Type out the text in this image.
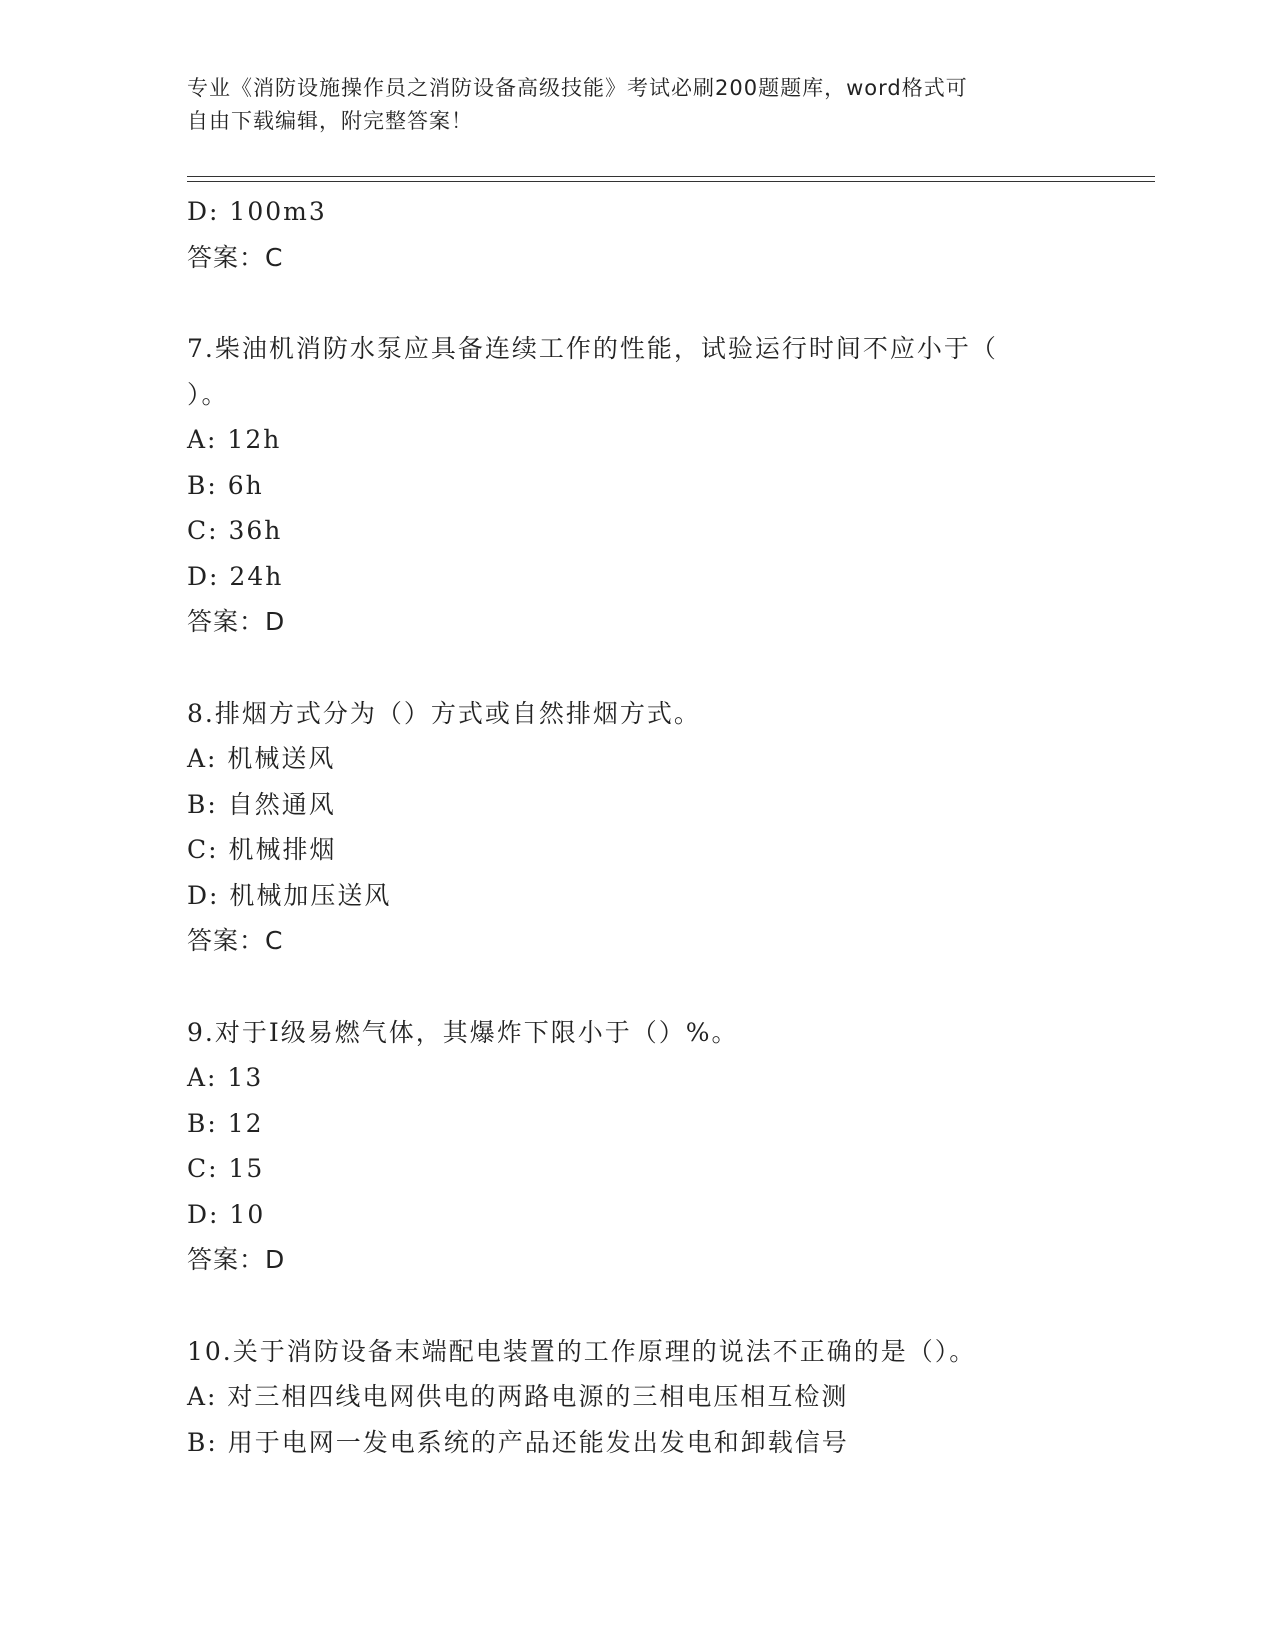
专业《消防设施操作员之消防设备高级技能》考试必刷200题题库，word格式可
自由下载编辑，附完整答案！
D: 100m3
答案：C
7.柴油机消防水泵应具备连续工作的性能，试验运行时间不应小于（
）。
A: 12h
B: 6h
C: 36h
D: 24h
答案：D
8.排烟方式分为（）方式或自然排烟方式。
A: 机械送风
B: 自然通风
C: 机械排烟
D: 机械加压送风
答案：C
9.对于Ⅰ级易燃气体，其爆炸下限小于（）%。
A: 13
B: 12
C: 15
D: 10
答案：D
10.关于消防设备末端配电装置的工作原理的说法不正确的是（）。
A: 对三相四线电网供电的两路电源的三相电压相互检测
B: 用于电网一发电系统的产品还能发出发电和卸载信号
